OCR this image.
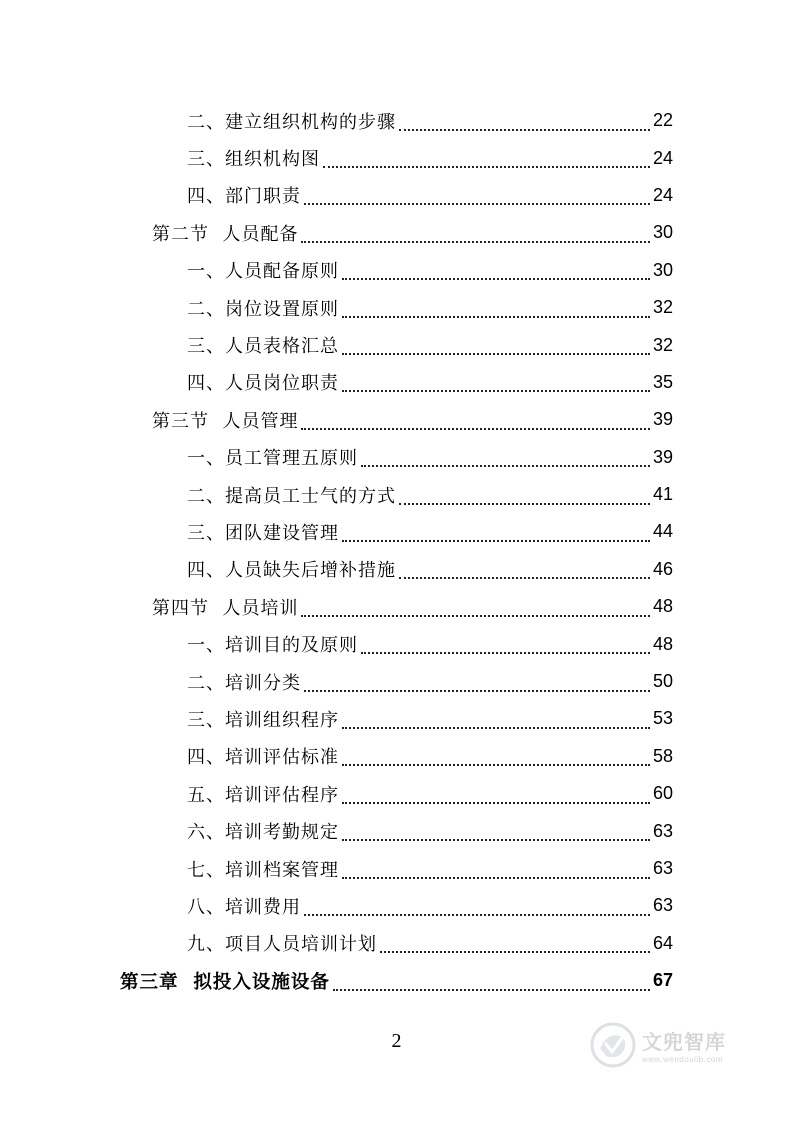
二、建立组织机构的步骤	22
三、组织机构图	24
四、部门职责	24
第二节  人员配备	30
一、人员配备原则	30
二、岗位设置原则	32
三、人员表格汇总	32
四、人员岗位职责	35
第三节  人员管理	39
一、员工管理五原则	39
二、提高员工士气的方式	41
三、团队建设管理	44
四、人员缺失后增补措施	46
第四节  人员培训	48
一、培训目的及原则	48
二、培训分类	50
三、培训组织程序	53
四、培训评估标准	58
五、培训评估程序	60
六、培训考勤规定	63
七、培训档案管理	63
八、培训费用	63
九、项目人员培训计划	64
第三章  拟投入设施设备	67
2	文兜智库
www.wendoulib.com
